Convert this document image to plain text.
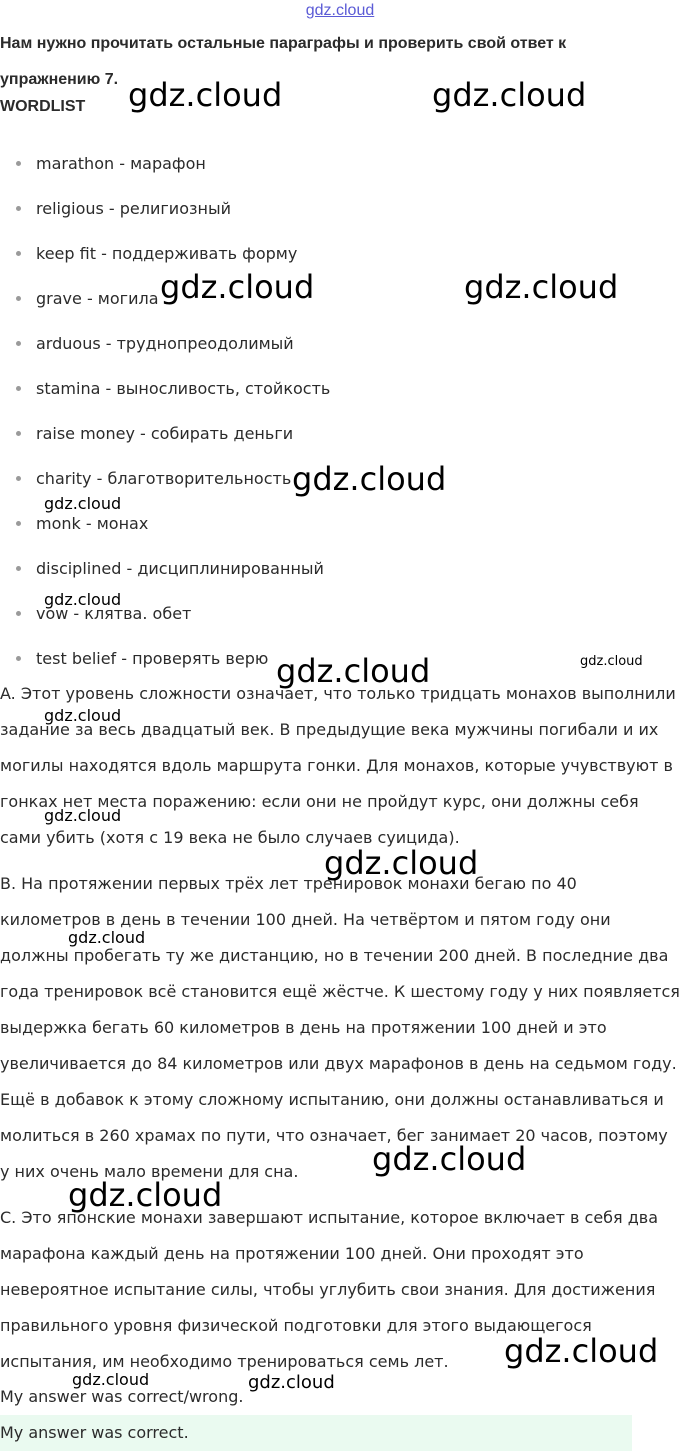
gdz.cloud
Нам нужно прочитать остальные параграфы и проверить свой ответ к упражнению 7.
WORDLIST
marathon - марафон
religious - религиозный
keep fit - поддерживать форму
grave - могила
arduous - труднопреодолимый
stamina - выносливость, стойкость
raise money - собирать деньги
charity - благотворительность
monk - монах
disciplined - дисциплинированный
vow - клятва. обет
test belief - проверять верю

A. Этот уровень сложности означает, что только тридцать монахов выполнили задание за весь двадцатый век. В предыдущие века мужчины погибали и их могилы находятся вдоль маршрута гонки. Для монахов, которые учувствуют в гонках нет места поражению: если они не пройдут курс, они должны себя сами убить (хотя с 19 века не было случаев суицида).

B. На протяжении первых трёх лет тренировок монахи бегаю по 40 километров в день в течении 100 дней. На четвёртом и пятом году они должны пробегать ту же дистанцию, но в течении 200 дней. В последние два года тренировок всё становится ещё жёстче. К шестому году у них появляется выдержка бегать 60 километров в день на протяжении 100 дней и это увеличивается до 84 километров или двух марафонов в день на седьмом году. Ещё в добавок к этому сложному испытанию, они должны останавливаться и молиться в 260 храмах по пути, что означает, бег занимает 20 часов, поэтому у них очень мало времени для сна.

C. Это японские монахи завершают испытание, которое включает в себя два марафона каждый день на протяжении 100 дней. Они проходят это невероятное испытание силы, чтобы углубить свои знания. Для достижения правильного уровня физической подготовки для этого выдающегося испытания, им необходимо тренироваться семь лет.

My answer was correct/wrong.
My answer was correct.
gdz.cloud	gdz.cloud
gdz.cloud	gdz.cloud
gdz.cloud
gdz.cloud
gdz.cloud
gdz.cloud	gdz.cloud
gdz.cloud
gdz.cloud
gdz.cloud
gdz.cloud
gdz.cloud
gdz.cloud
gdz.cloud
gdz.cloud	gdz.cloud
